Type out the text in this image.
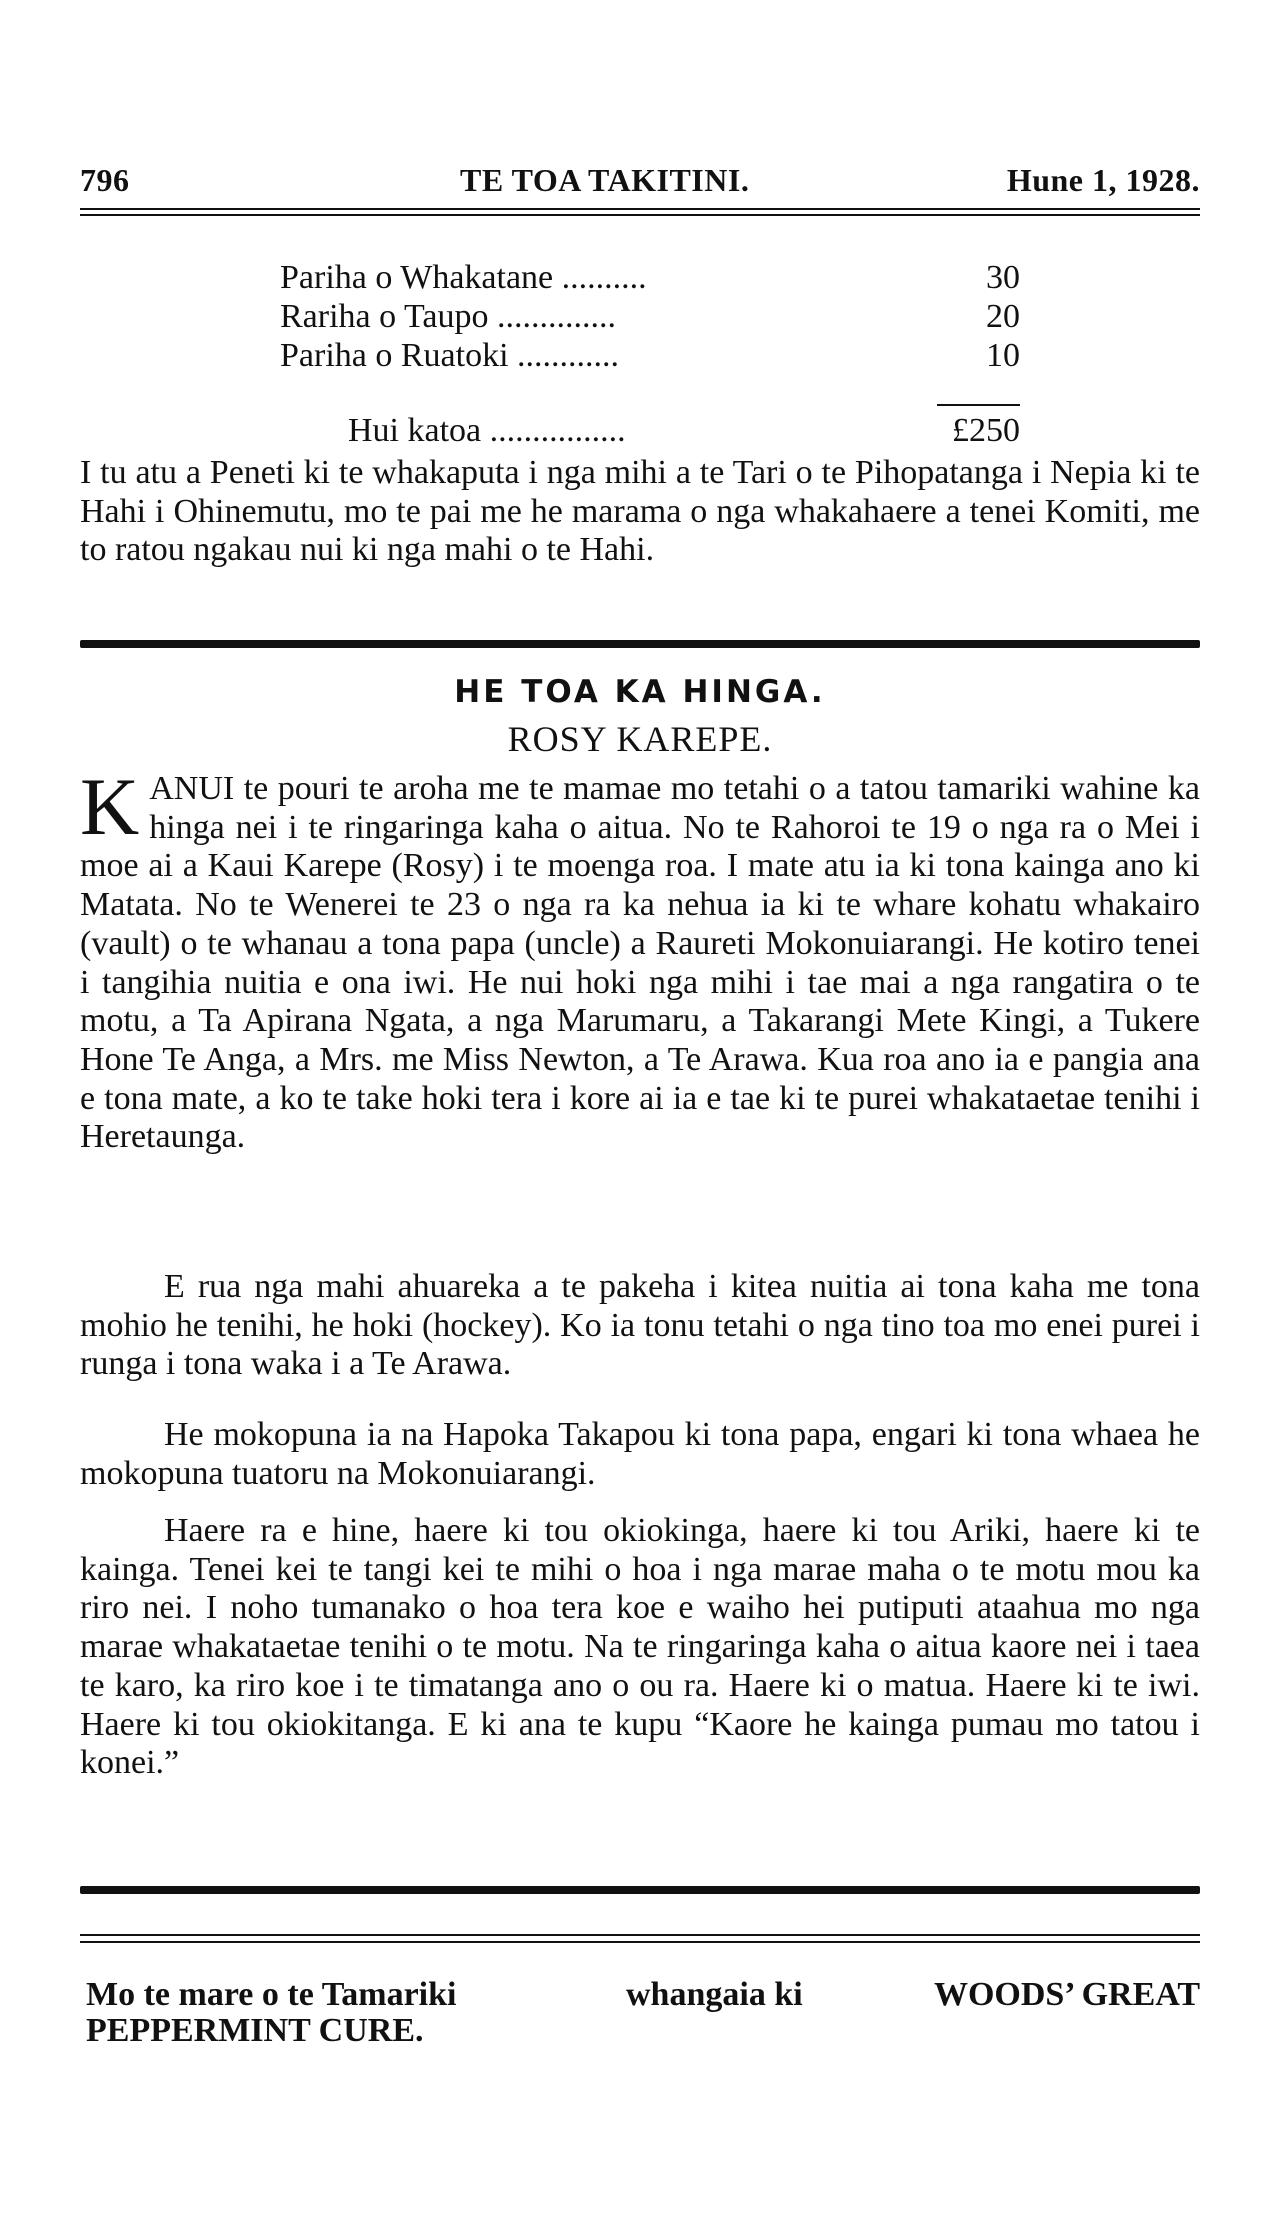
796	TE TOA TAKITINI.	Hune 1, 1928.
Pariha o Whakatane ..........	30
Rariha o Taupo ..............	20
Pariha o Ruatoki ............	10
Hui katoa ................	£250

I tu atu a Peneti ki te whakaputa i nga mihi a te Tari o te Pihopatanga i Nepia ki te Hahi i Ohinemutu, mo te pai me he marama o nga whakahaere a tenei Komiti, me to ratou ngakau nui ki nga mahi o te Hahi.

HE TOA KA HINGA.
ROSY KAREPE.
K ANUI te pouri te aroha me te mamae mo tetahi o a tatou tamariki wahine ka hinga nei i te ringaringa kaha o aitua. No te Rahoroi te 19 o nga ra o Mei i moe ai a Kaui Karepe (Rosy) i te moenga roa. I mate atu ia ki tona kainga ano ki Matata. No te Wenerei te 23 o nga ra ka nehua ia ki te whare kohatu whakairo (vault) o te whanau a tona papa (uncle) a Raureti Mokonuiarangi. He kotiro tenei i tangihia nuitia e ona iwi. He nui hoki nga mihi i tae mai a nga rangatira o te motu, a Ta Apirana Ngata, a nga Marumaru, a Takarangi Mete Kingi, a Tukere Hone Te Anga, a Mrs. me Miss Newton, a Te Arawa. Kua roa ano ia e pangia ana e tona mate, a ko te take hoki tera i kore ai ia e tae ki te purei whakataetae tenihi i Heretaunga.

E rua nga mahi ahuareka a te pakeha i kitea nuitia ai tona kaha me tona mohio he tenihi, he hoki (hockey). Ko ia tonu tetahi o nga tino toa mo enei purei i runga i tona waka i a Te Arawa.

He mokopuna ia na Hapoka Takapou ki tona papa, engari ki tona whaea he mokopuna tuatoru na Mokonuiarangi.

Haere ra e hine, haere ki tou okiokinga, haere ki tou Ariki, haere ki te kainga. Tenei kei te tangi kei te mihi o hoa i nga marae maha o te motu mou ka riro nei. I noho tumanako o hoa tera koe e waiho hei putiputi ataahua mo nga marae whakataetae tenihi o te motu. Na te ringaringa kaha o aitua kaore nei i taea te karo, ka riro koe i te timatanga ano o ou ra. Haere ki o matua. Haere ki te iwi. Haere ki tou okiokitanga. E ki ana te kupu “Kaore he kainga pumau mo tatou i konei.”

Mo te mare o te Tamariki	whangaia ki	WOODS’ GREAT
PEPPERMINT CURE.
